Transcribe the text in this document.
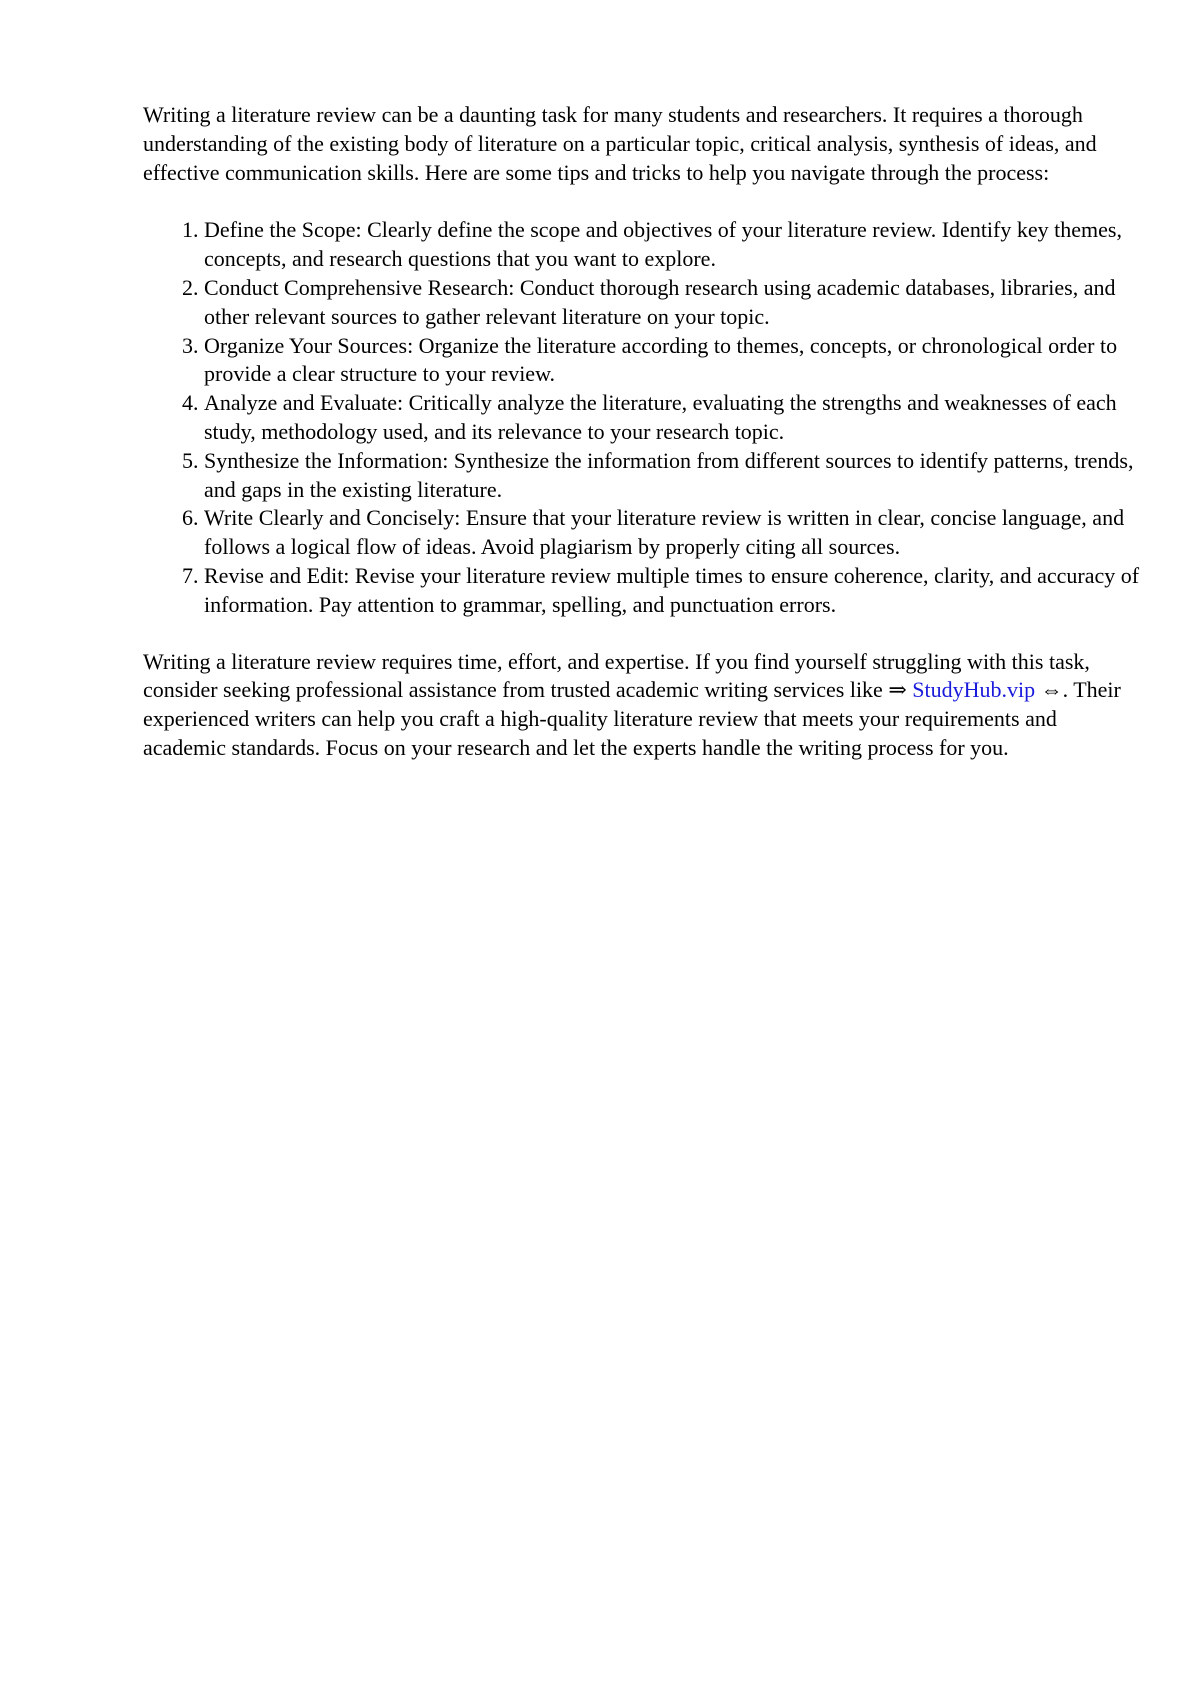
Writing a literature review can be a daunting task for many students and researchers. It requires a thorough understanding of the existing body of literature on a particular topic, critical analysis, synthesis of ideas, and effective communication skills. Here are some tips and tricks to help you navigate through the process:

1. Define the Scope: Clearly define the scope and objectives of your literature review. Identify key themes, concepts, and research questions that you want to explore.
2. Conduct Comprehensive Research: Conduct thorough research using academic databases, libraries, and other relevant sources to gather relevant literature on your topic.
3. Organize Your Sources: Organize the literature according to themes, concepts, or chronological order to provide a clear structure to your review.
4. Analyze and Evaluate: Critically analyze the literature, evaluating the strengths and weaknesses of each study, methodology used, and its relevance to your research topic.
5. Synthesize the Information: Synthesize the information from different sources to identify patterns, trends, and gaps in the existing literature.
6. Write Clearly and Concisely: Ensure that your literature review is written in clear, concise language, and follows a logical flow of ideas. Avoid plagiarism by properly citing all sources.
7. Revise and Edit: Revise your literature review multiple times to ensure coherence, clarity, and accuracy of information. Pay attention to grammar, spelling, and punctuation errors.

Writing a literature review requires time, effort, and expertise. If you find yourself struggling with this task, consider seeking professional assistance from trusted academic writing services like ⇒ StudyHub.vip ⇔. Their experienced writers can help you craft a high-quality literature review that meets your requirements and academic standards. Focus on your research and let the experts handle the writing process for you.
